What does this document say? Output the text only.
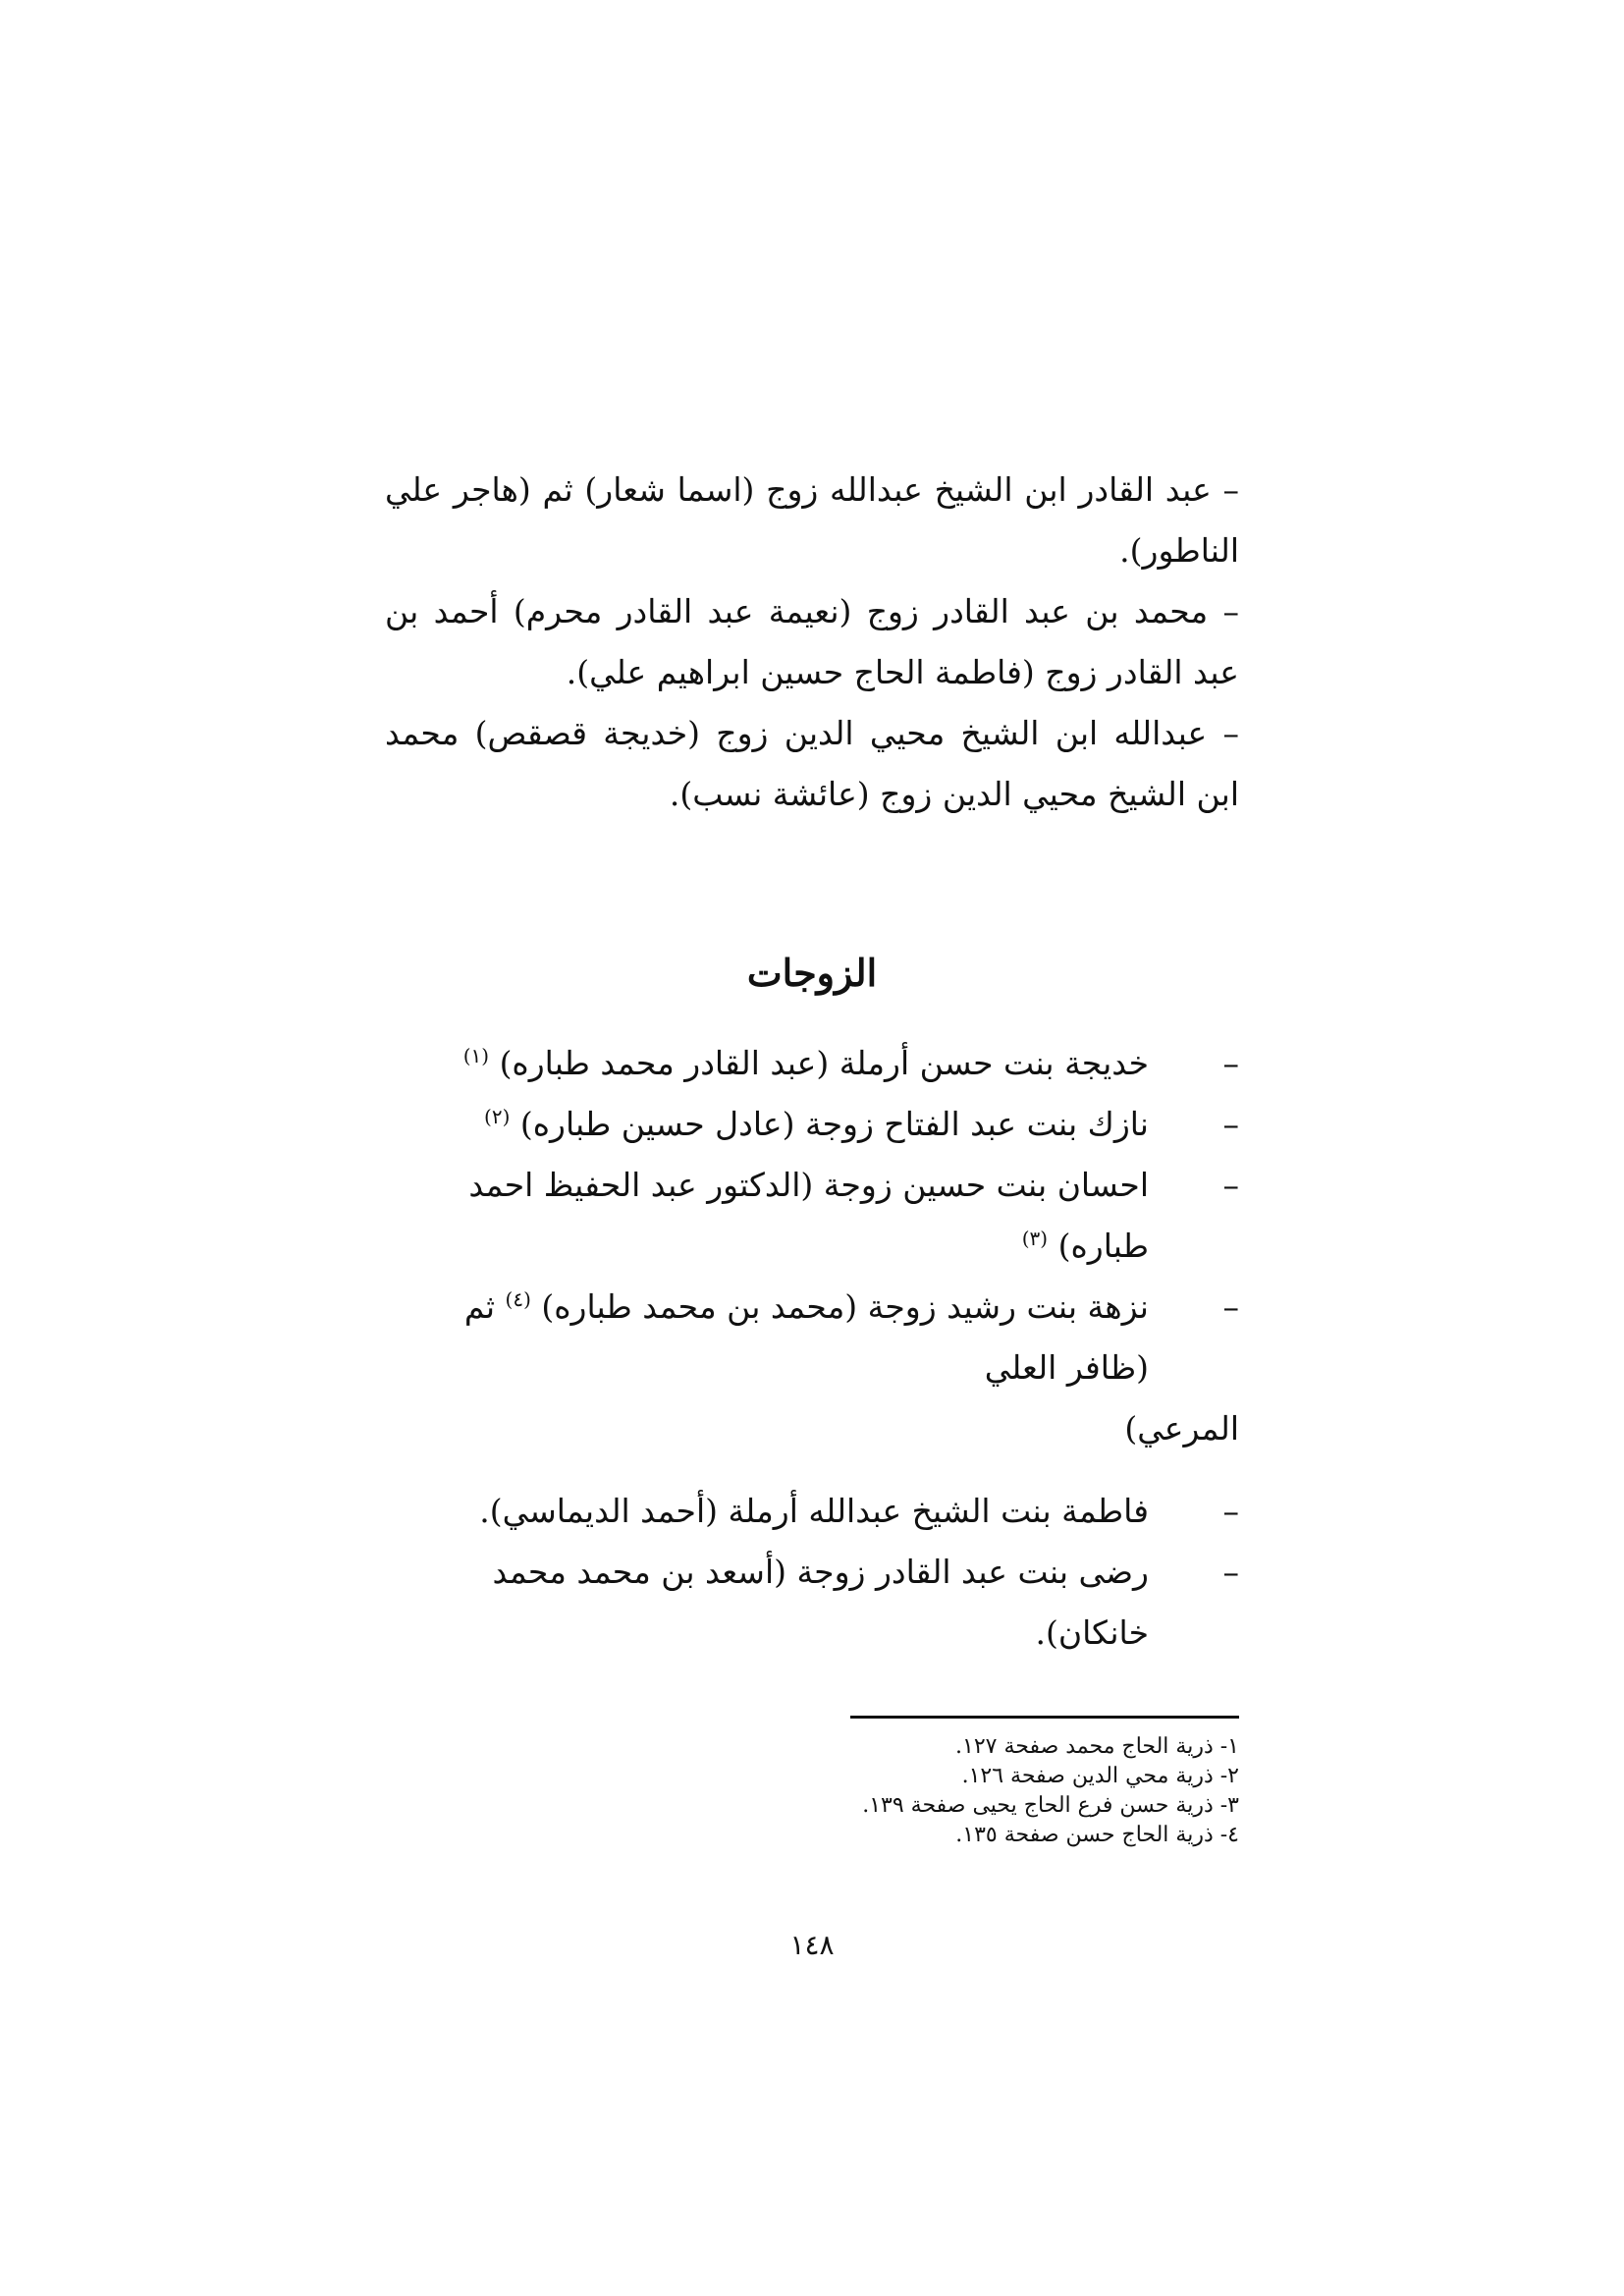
– عبد القادر ابن الشيخ عبدالله زوج (اسما شعار) ثم (هاجر علي الناطور).

– محمد بن عبد القادر زوج (نعيمة عبد القادر محرم) أحمد بن عبد القادر زوج (فاطمة الحاج حسين ابراهيم علي).

– عبدالله ابن الشيخ محيي الدين زوج (خديجة قصقص) محمد ابن الشيخ محيي الدين زوج (عائشة نسب).

الزوجات
–
خديجة بنت حسن أرملة (عبد القادر محمد طباره) $^{(١)}$
–
نازك بنت عبد الفتاح زوجة (عادل حسين طباره) $^{(٢)}$
–
احسان بنت حسين زوجة (الدكتور عبد الحفيظ احمد طباره) $^{(٣)}$
–
نزهة بنت رشيد زوجة (محمد بن محمد طباره) $^{(٤)}$ ثم (ظافر العلي
المرعي)
–
فاطمة بنت الشيخ عبدالله أرملة (أحمد الديماسي).
–
رضى بنت عبد القادر زوجة (أسعد بن محمد محمد خانكان).
١- ذرية الحاج محمد صفحة ١٢٧.
٢- ذرية محي الدين صفحة ١٢٦.
٣- ذرية حسن فرع الحاج يحيى صفحة ١٣٩.
٤- ذرية الحاج حسن صفحة ١٣٥.
١٤٨
